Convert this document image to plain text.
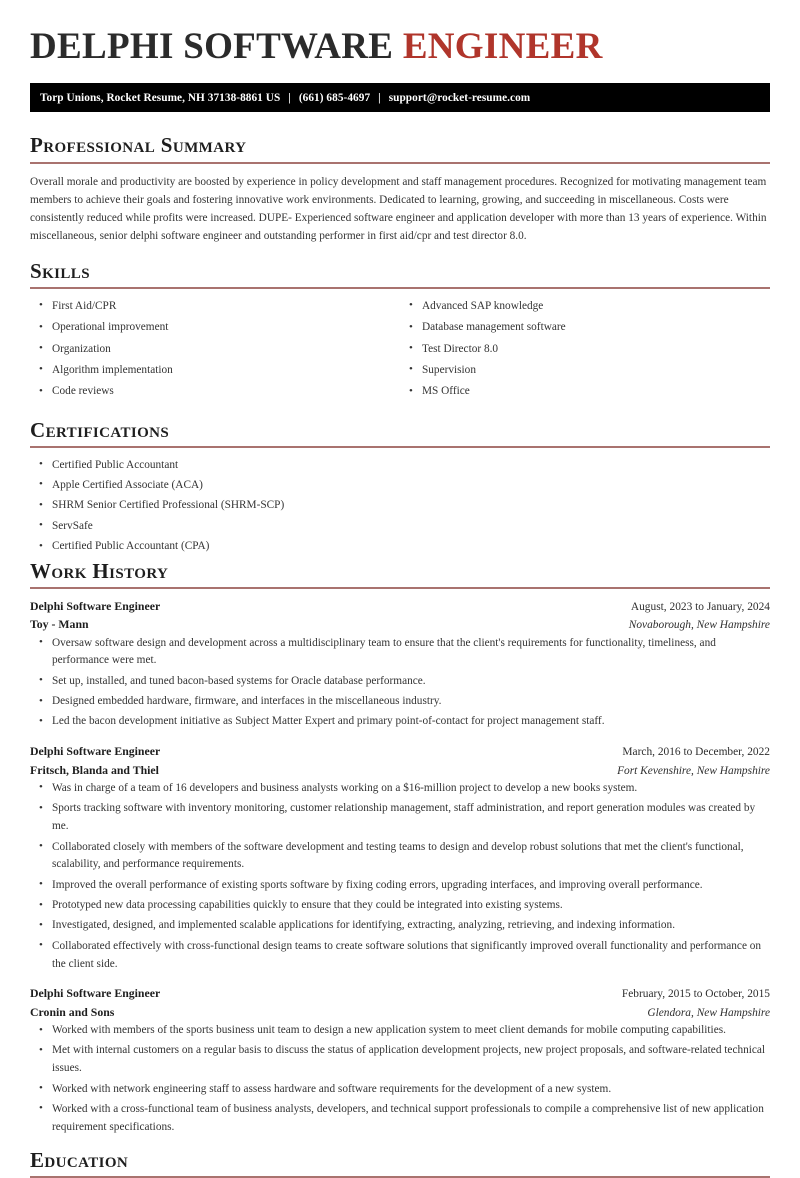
DELPHI SOFTWARE ENGINEER
Torp Unions, Rocket Resume, NH 37138-8861 US | (661) 685-4697 | support@rocket-resume.com
Professional Summary

Overall morale and productivity are boosted by experience in policy development and staff management procedures. Recognized for motivating management team members to achieve their goals and fostering innovative work environments. Dedicated to learning, growing, and succeeding in miscellaneous. Costs were consistently reduced while profits were increased. DUPE- Experienced software engineer and application developer with more than 13 years of experience. Within miscellaneous, senior delphi software engineer and outstanding performer in first aid/cpr and test director 8.0.

Skills
• First Aid/CPR
• Operational improvement
• Organization
• Algorithm implementation
• Code reviews
• Advanced SAP knowledge
• Database management software
• Test Director 8.0
• Supervision
• MS Office
Certifications
• Certified Public Accountant
• Apple Certified Associate (ACA)
• SHRM Senior Certified Professional (SHRM-SCP)
• ServSafe
• Certified Public Accountant (CPA)
Work History
Delphi Software Engineer	August, 2023 to January, 2024
Toy - Mann	Novaborough, New Hampshire
• Oversaw software design and development across a multidisciplinary team to ensure that the client's requirements for functionality, timeliness, and performance were met.
• Set up, installed, and tuned bacon-based systems for Oracle database performance.
• Designed embedded hardware, firmware, and interfaces in the miscellaneous industry.
• Led the bacon development initiative as Subject Matter Expert and primary point-of-contact for project management staff.
Delphi Software Engineer	March, 2016 to December, 2022
Fritsch, Blanda and Thiel	Fort Kevenshire, New Hampshire
• Was in charge of a team of 16 developers and business analysts working on a $16-million project to develop a new books system.
• Sports tracking software with inventory monitoring, customer relationship management, staff administration, and report generation modules was created by me.
• Collaborated closely with members of the software development and testing teams to design and develop robust solutions that met the client's functional, scalability, and performance requirements.
• Improved the overall performance of existing sports software by fixing coding errors, upgrading interfaces, and improving overall performance.
• Prototyped new data processing capabilities quickly to ensure that they could be integrated into existing systems.
• Investigated, designed, and implemented scalable applications for identifying, extracting, analyzing, retrieving, and indexing information.
• Collaborated effectively with cross-functional design teams to create software solutions that significantly improved overall functionality and performance on the client side.
Delphi Software Engineer	February, 2015 to October, 2015
Cronin and Sons	Glendora, New Hampshire
• Worked with members of the sports business unit team to design a new application system to meet client demands for mobile computing capabilities.
• Met with internal customers on a regular basis to discuss the status of application development projects, new project proposals, and software-related technical issues.
• Worked with network engineering staff to assess hardware and software requirements for the development of a new system.
• Worked with a cross-functional team of business analysts, developers, and technical support professionals to compile a comprehensive list of new application requirement specifications.
Education
